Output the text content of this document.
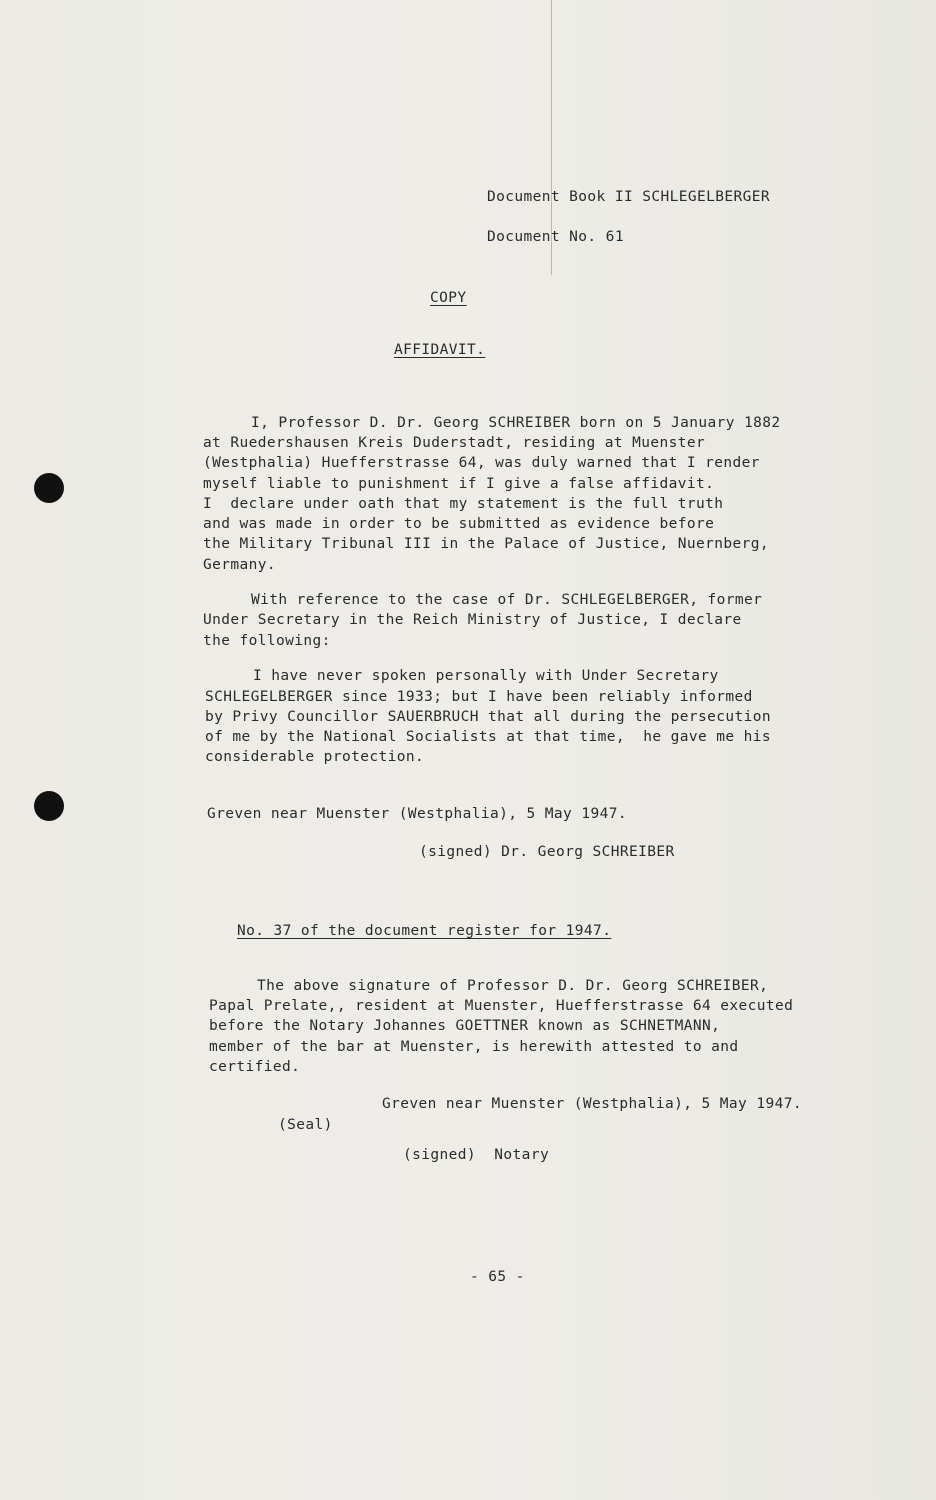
Document Book II SCHLEGELBERGER
Document No. 61
COPY
AFFIDAVIT.
I, Professor D. Dr. Georg SCHREIBER born on 5 January 1882
at Ruedershausen Kreis Duderstadt, residing at Muenster
(Westphalia) Huefferstrasse 64, was duly warned that I render
myself liable to punishment if I give a false affidavit.
I  declare under oath that my statement is the full truth
and was made in order to be submitted as evidence before
the Military Tribunal III in the Palace of Justice, Nuernberg,
Germany.
With reference to the case of Dr. SCHLEGELBERGER, former
Under Secretary in the Reich Ministry of Justice, I declare
the following:
I have never spoken personally with Under Secretary
SCHLEGELBERGER since 1933; but I have been reliably informed
by Privy Councillor SAUERBRUCH that all during the persecution
of me by the National Socialists at that time,  he gave me his
considerable protection.
Greven near Muenster (Westphalia), 5 May 1947.
(signed) Dr. Georg SCHREIBER
No. 37 of the document register for 1947.
The above signature of Professor D. Dr. Georg SCHREIBER,
Papal Prelate,, resident at Muenster, Huefferstrasse 64 executed
before the Notary Johannes GOETTNER known as SCHNETMANN,
member of the bar at Muenster, is herewith attested to and
certified.
Greven near Muenster (Westphalia), 5 May 1947.
(Seal)
(signed)  Notary
- 65 -
